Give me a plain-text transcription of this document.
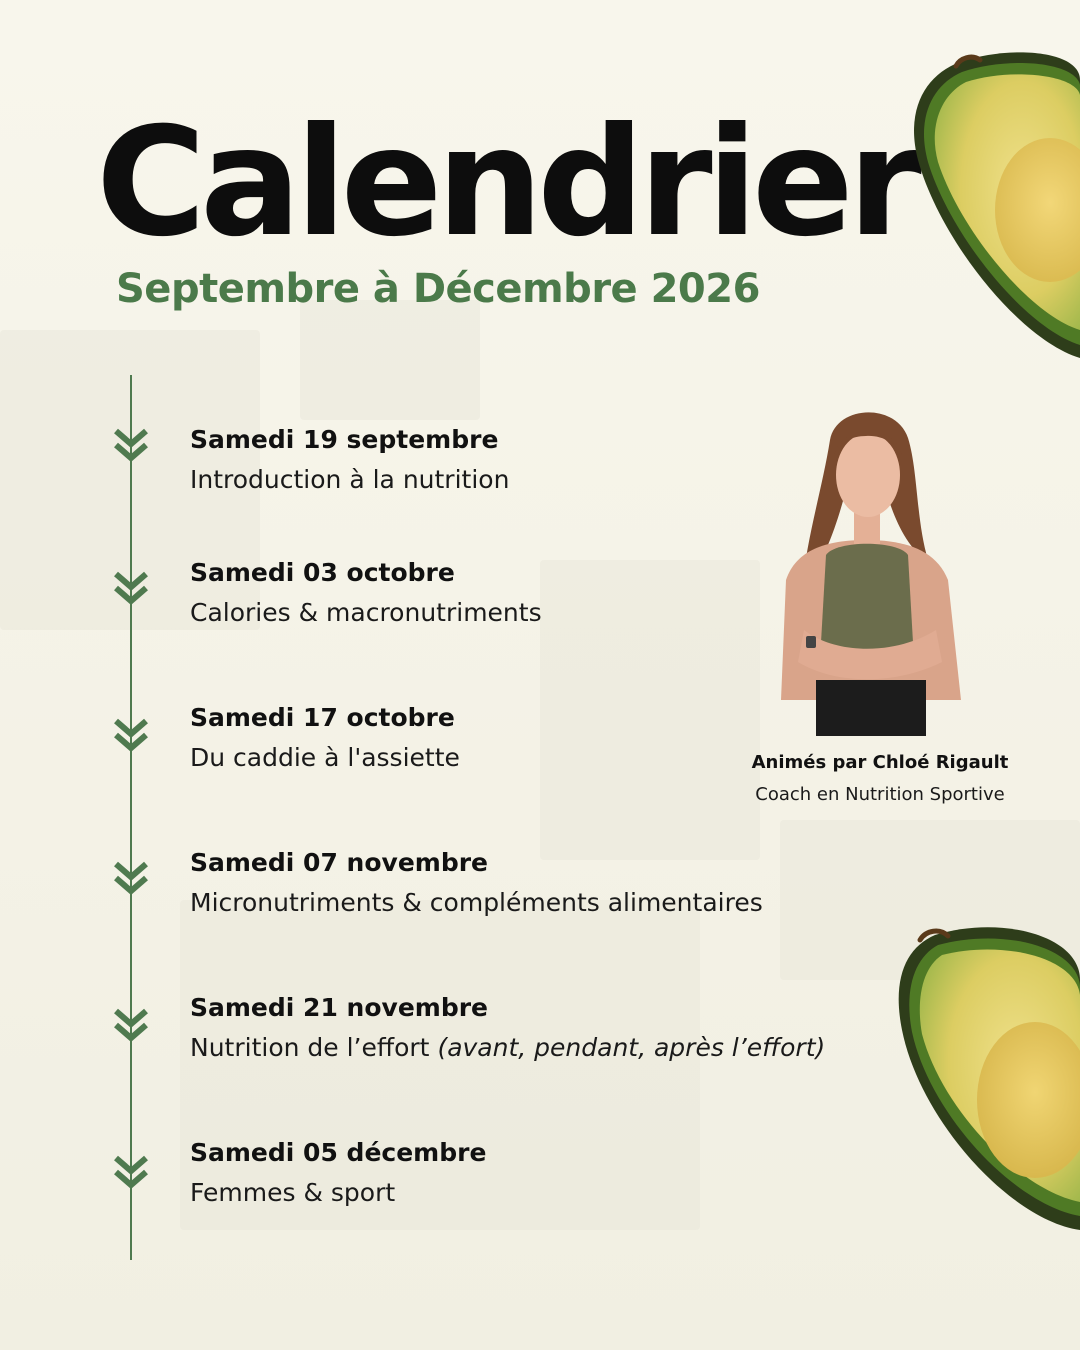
Calendrier
Septembre à Décembre 2026

Samedi 19 septembre

Introduction à la nutrition

Samedi 03 octobre

Calories & macronutriments

Samedi 17 octobre

Du caddie à l'assiette

Samedi 07 novembre

Micronutriments & compléments alimentaires

Samedi 21 novembre

Nutrition de l’effort (avant, pendant, après l’effort)

Samedi 05 décembre

Femmes & sport

Animés par Chloé Rigault

Coach en Nutrition Sportive
